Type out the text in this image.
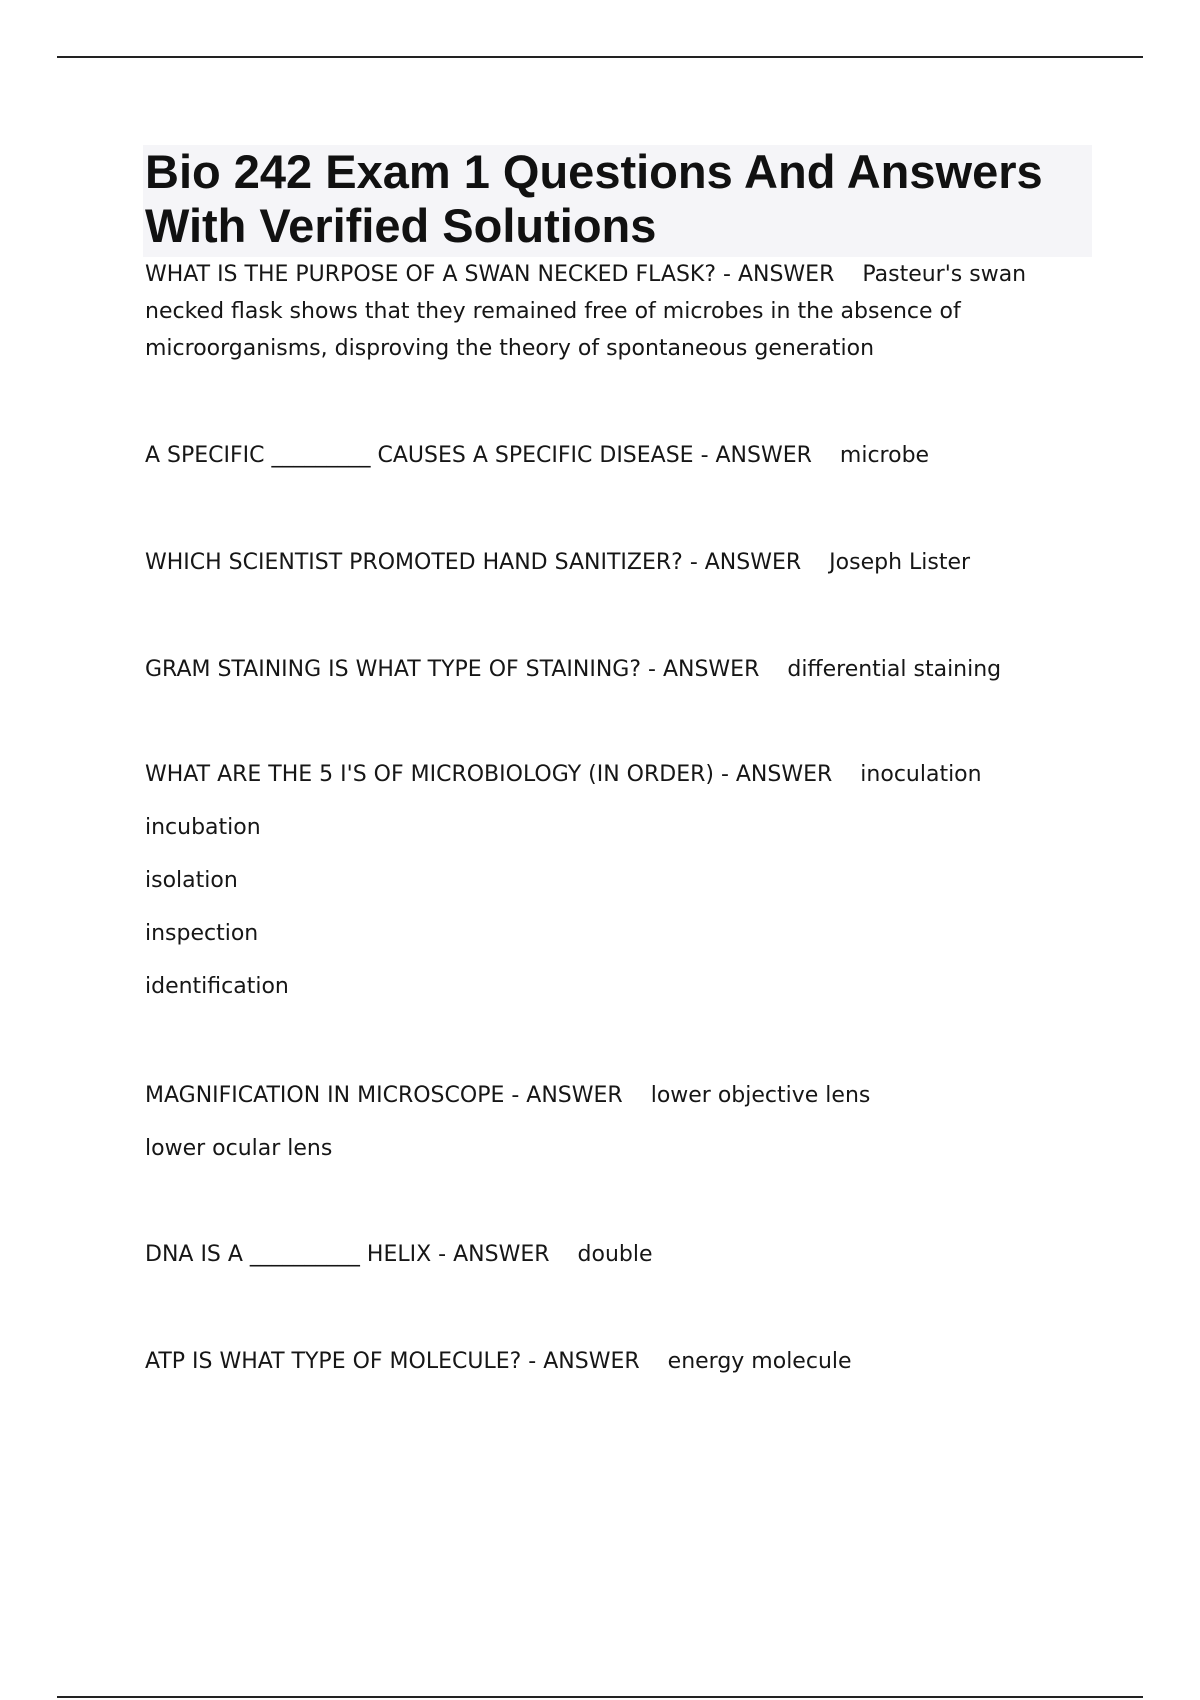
Bio 242 Exam 1 Questions And Answers
With Verified Solutions

WHAT IS THE PURPOSE OF A SWAN NECKED FLASK? - ANSWER Pasteur's swan necked flask shows that they remained free of microbes in the absence of microorganisms, disproving the theory of spontaneous generation

A SPECIFIC _________ CAUSES A SPECIFIC DISEASE - ANSWER microbe

WHICH SCIENTIST PROMOTED HAND SANITIZER? - ANSWER Joseph Lister

GRAM STAINING IS WHAT TYPE OF STAINING? - ANSWER differential staining

WHAT ARE THE 5 I'S OF MICROBIOLOGY (IN ORDER) - ANSWER inoculation

incubation

isolation

inspection

identification

MAGNIFICATION IN MICROSCOPE - ANSWER lower objective lens

lower ocular lens

DNA IS A __________ HELIX - ANSWER double

ATP IS WHAT TYPE OF MOLECULE? - ANSWER energy molecule
